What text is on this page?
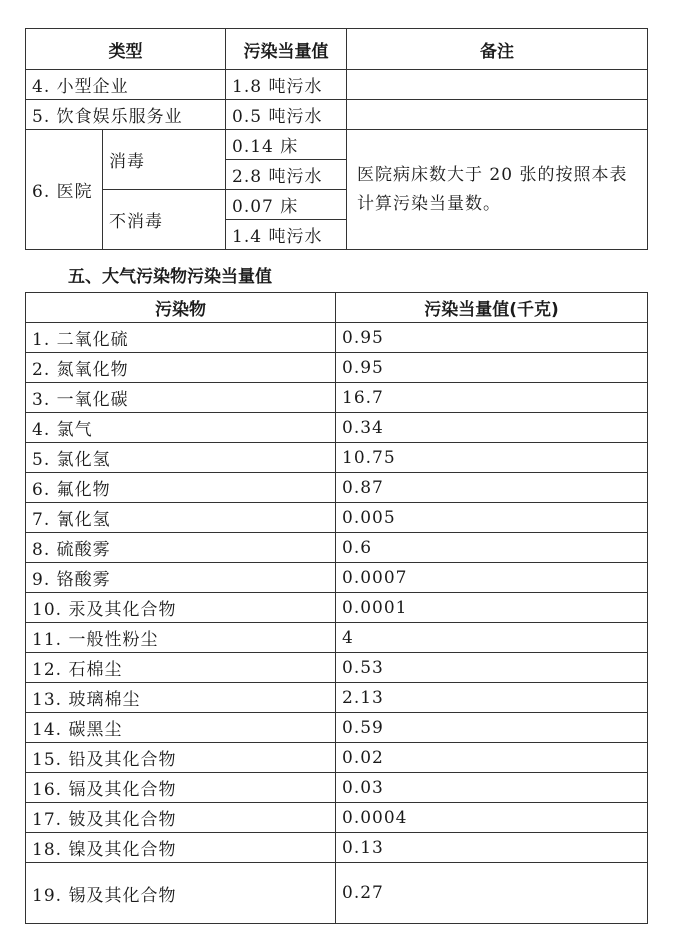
类型		污染当量值	备注
4. 小型企业		1.8 吨污水	
5. 饮食娱乐服务业		0.5 吨污水	
6. 医院	消毒	0.14 床	医院病床数大于 20 张的按照本表计算污染当量数。
		2.8 吨污水	
	不消毒	0.07 床	
		1.4 吨污水	
五、大气污染物污染当量值
污染物	污染当量值(千克)
1. 二氧化硫	0.95
2. 氮氧化物	0.95
3. 一氧化碳	16.7
4. 氯气	0.34
5. 氯化氢	10.75
6. 氟化物	0.87
7. 氰化氢	0.005
8. 硫酸雾	0.6
9. 铬酸雾	0.0007
10. 汞及其化合物	0.0001
11. 一般性粉尘	4
12. 石棉尘	0.53
13. 玻璃棉尘	2.13
14. 碳黑尘	0.59
15. 铅及其化合物	0.02
16. 镉及其化合物	0.03
17. 铍及其化合物	0.0004
18. 镍及其化合物	0.13
19. 锡及其化合物	0.27
